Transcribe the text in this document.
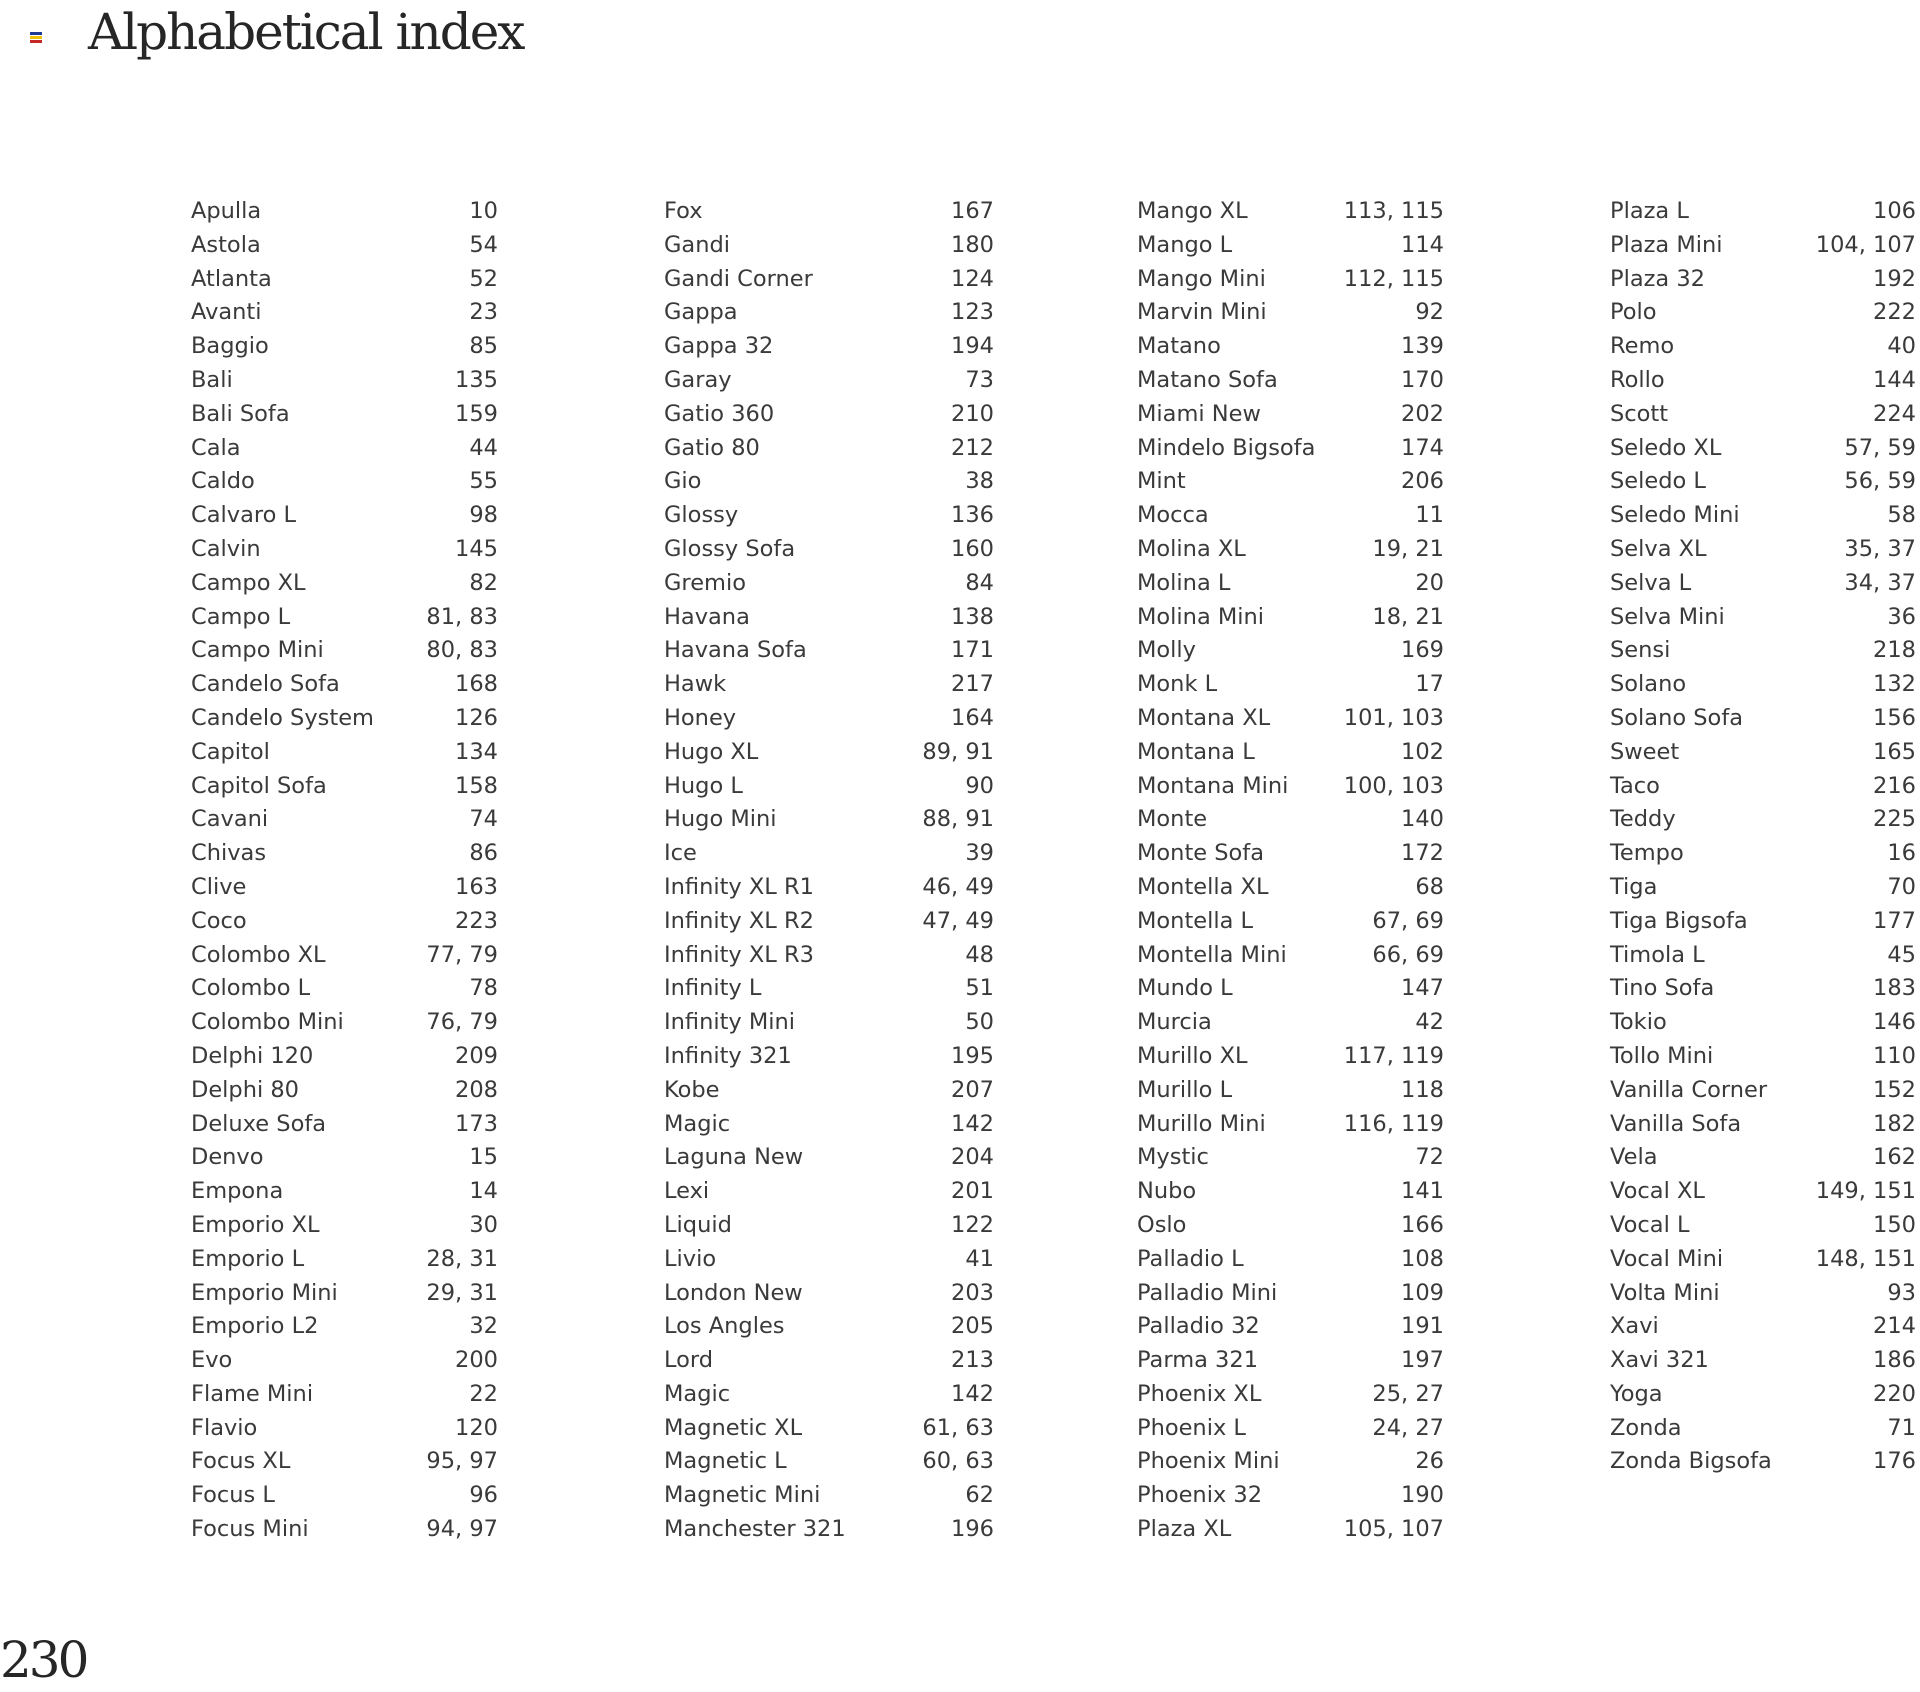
Alphabetical index
Apulla	10
Astola	54
Atlanta	52
Avanti	23
Baggio	85
Bali	135
Bali Sofa	159
Cala	44
Caldo	55
Calvaro L	98
Calvin	145
Campo XL	82
Campo L	81, 83
Campo Mini	80, 83
Candelo Sofa	168
Candelo System	126
Capitol	134
Capitol Sofa	158
Cavani	74
Chivas	86
Clive	163
Coco	223
Colombo XL	77, 79
Colombo L	78
Colombo Mini	76, 79
Delphi 120	209
Delphi 80	208
Deluxe Sofa	173
Denvo	15
Empona	14
Emporio XL	30
Emporio L	28, 31
Emporio Mini	29, 31
Emporio L2	32
Evo	200
Flame Mini	22
Flavio	120
Focus XL	95, 97
Focus L	96
Focus Mini	94, 97
Fox	167
Gandi	180
Gandi Corner	124
Gappa	123
Gappa 32	194
Garay	73
Gatio 360	210
Gatio 80	212
Gio	38
Glossy	136
Glossy Sofa	160
Gremio	84
Havana	138
Havana Sofa	171
Hawk	217
Honey	164
Hugo XL	89, 91
Hugo L	90
Hugo Mini	88, 91
Ice	39
Infinity XL R1	46, 49
Infinity XL R2	47, 49
Infinity XL R3	48
Infinity L	51
Infinity Mini	50
Infinity 321	195
Kobe	207
Magic	142
Laguna New	204
Lexi	201
Liquid	122
Livio	41
London New	203
Los Angles	205
Lord	213
Magic	142
Magnetic XL	61, 63
Magnetic L	60, 63
Magnetic Mini	62
Manchester 321	196
Mango XL	113, 115
Mango L	114
Mango Mini	112, 115
Marvin Mini	92
Matano	139
Matano Sofa	170
Miami New	202
Mindelo Bigsofa	174
Mint	206
Mocca	11
Molina XL	19, 21
Molina L	20
Molina Mini	18, 21
Molly	169
Monk L	17
Montana XL	101, 103
Montana L	102
Montana Mini 100, 103
Monte	140
Monte Sofa	172
Montella XL	68
Montella L	67, 69
Montella Mini	66, 69
Mundo L	147
Murcia	42
Murillo XL	117, 119
Murillo L	118
Murillo Mini	116, 119
Mystic	72
Nubo	141
Oslo	166
Palladio L	108
Palladio Mini	109
Palladio 32	191
Parma 321	197
Phoenix XL	25, 27
Phoenix L	24, 27
Phoenix Mini	26
Phoenix 32	190
Plaza XL	105, 107
Plaza L	106
Plaza Mini	104, 107
Plaza 32	192
Polo	222
Remo	40
Rollo	144
Scott	224
Seledo XL	57, 59
Seledo L	56, 59
Seledo Mini	58
Selva XL	35, 37
Selva L	34, 37
Selva Mini	36
Sensi	218
Solano	132
Solano Sofa	156
Sweet	165
Taco	216
Teddy	225
Tempo	16
Tiga	70
Tiga Bigsofa	177
Timola L	45
Tino Sofa	183
Tokio	146
Tollo Mini	110
Vanilla Corner	152
Vanilla Sofa	182
Vela	162
Vocal XL	149, 151
Vocal L	150
Vocal Mini	148, 151
Volta Mini	93
Xavi	214
Xavi 321	186
Yoga	220
Zonda	71
Zonda Bigsofa	176
230
